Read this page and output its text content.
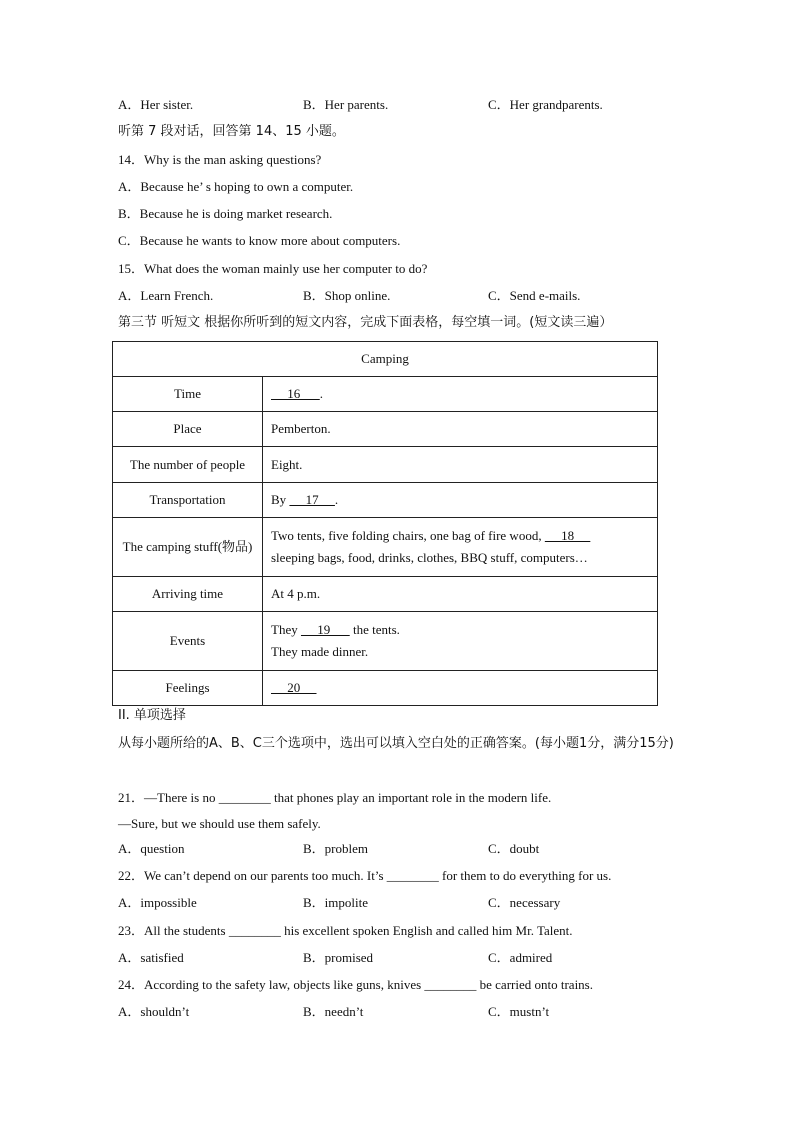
A．Her sister.	B．Her parents.	C．Her grandparents.
听第 7 段对话，回答第 14、15 小题。
14．Why is the man asking questions?
A．Because he’ s hoping to own a computer.
B．Because he is doing market research.
C．Because he wants to know more about computers.
15．What does the woman mainly use her computer to do?
A．Learn French.	B．Shop online.	C．Send e-mails.
第三节 听短文 根据你所听到的短文内容，完成下面表格，每空填一词。(短文读三遍）
Camping	
Time	16      .
Place	Pemberton.
The number of people	Eight.
Transportation	By      17     .
The camping stuff(物品)	Two tents, five folding chairs, one bag of fire wood,      18
sleeping bags, food, drinks, clothes, BBQ stuff, computers…

Arriving time	At 4 p.m.
Events	They      19       the tents.
They made dinner.

Feelings	20
II. 单项选择
从每小题所给的A、B、C三个选项中，选出可以填入空白处的正确答案。(每小题1分，满分15分)
21．—There is no ________ that phones play an important role in the modern life.
—Sure, but we should use them safely.
A．question	B．problem	C．doubt
22．We can’t depend on our parents too much. It’s ________ for them to do everything for us.
A．impossible	B．impolite	C．necessary
23．All the students ________ his excellent spoken English and called him Mr. Talent.
A．satisfied	B．promised	C．admired
24．According to the safety law, objects like guns, knives ________ be carried onto trains.
A．shouldn’t	B．needn’t	C．mustn’t
